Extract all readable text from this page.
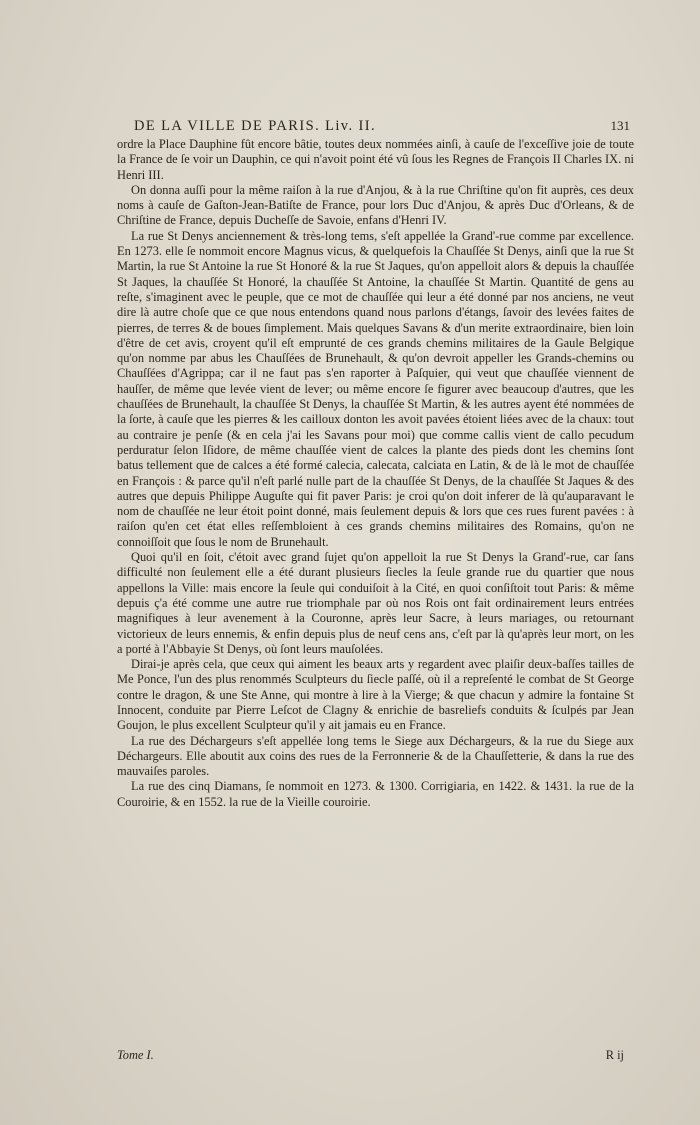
DE LA VILLE DE PARIS. Liv. II.	131

ordre la Place Dauphine fût encore bâtie, toutes deux nommées ainſi, à cauſe de l'exceſſive joie de toute la France de ſe voir un Dauphin, ce qui n'avoit point été vû ſous les Regnes de François II Charles IX. ni Henri III.

On donna auſſi pour la même raiſon à la rue d'Anjou, & à la rue Chriſtine qu'on fit auprès, ces deux noms à cauſe de Gaſton-Jean-Batiſte de France, pour lors Duc d'Anjou, & après Duc d'Orleans, & de Chriſtine de France, depuis Ducheſſe de Savoie, enfans d'Henri IV.

La rue St Denys anciennement & très-long tems, s'eſt appellée la Grand'-rue comme par excellence. En 1273. elle ſe nommoit encore Magnus vicus, & quelquefois la Chauſſée St Denys, ainſi que la rue St Martin, la rue St Antoine la rue St Honoré & la rue St Jaques, qu'on appelloit alors & depuis la chauſſée St Jaques, la chauſſée St Honoré, la chauſſée St Antoine, la chauſſée St Martin. Quantité de gens au reſte, s'imaginent avec le peuple, que ce mot de chauſſée qui leur a été donné par nos anciens, ne veut dire là autre choſe que ce que nous entendons quand nous parlons d'étangs, ſavoir des levées faites de pierres, de terres & de boues ſimplement. Mais quelques Savans & d'un merite extraordinaire, bien loin d'être de cet avis, croyent qu'il eſt emprunté de ces grands chemins militaires de la Gaule Belgique qu'on nomme par abus les Chauſſées de Brunehault, & qu'on devroit appeller les Grands-chemins ou Chauſſées d'Agrippa; car il ne faut pas s'en raporter à Paſquier, qui veut que chauſſée viennent de hauſſer, de même que levée vient de lever; ou même encore ſe figurer avec beaucoup d'autres, que les chauſſées de Brunehault, la chauſſée St Denys, la chauſſée St Martin, & les autres ayent été nommées de la ſorte, à cauſe que les pierres & les cailloux donton les avoit pavées étoient liées avec de la chaux: tout au contraire je penſe (& en cela j'ai les Savans pour moi) que comme callis vient de callo pecudum perduratur ſelon Iſidore, de même chauſſée vient de calces la plante des pieds dont les chemins ſont batus tellement que de calces a été formé calecia, calecata, calciata en Latin, & de là le mot de chauſſée en François : & parce qu'il n'eſt parlé nulle part de la chauſſée St Denys, de la chauſſée St Jaques & des autres que depuis Philippe Auguſte qui fit paver Paris: je croi qu'on doit inferer de là qu'auparavant le nom de chauſſée ne leur étoit point donné, mais ſeulement depuis & lors que ces rues furent pavées : à raiſon qu'en cet état elles reſſembloient à ces grands chemins militaires des Romains, qu'on ne connoiſſoit que ſous le nom de Brunehault.

Quoi qu'il en ſoit, c'étoit avec grand ſujet qu'on appelloit la rue St Denys la Grand'-rue, car ſans difficulté non ſeulement elle a été durant plusieurs ſiecles la ſeule grande rue du quartier que nous appellons la Ville: mais encore la ſeule qui conduiſoit à la Cité, en quoi conſiſtoit tout Paris: & même depuis ç'a été comme une autre rue triomphale par où nos Rois ont fait ordinairement leurs entrées magnifiques à leur avenement à la Couronne, après leur Sacre, à leurs mariages, ou retournant victorieux de leurs ennemis, & enfin depuis plus de neuf cens ans, c'eſt par là qu'après leur mort, on les a porté à l'Abbayie St Denys, où ſont leurs mauſolées.

Dirai-je après cela, que ceux qui aiment les beaux arts y regardent avec plaiſir deux-baſſes tailles de Me Ponce, l'un des plus renommés Sculpteurs du ſiecle paſſé, où il a repreſenté le combat de St George contre le dragon, & une Ste Anne, qui montre à lire à la Vierge; & que chacun y admire la fontaine St Innocent, conduite par Pierre Leſcot de Clagny & enrichie de basreliefs conduits & ſculpés par Jean Goujon, le plus excellent Sculpteur qu'il y ait jamais eu en France.

La rue des Déchargeurs s'eſt appellée long tems le Siege aux Déchargeurs, & la rue du Siege aux Déchargeurs. Elle aboutit aux coins des rues de la Ferronnerie & de la Chauſſetterie, & dans la rue des mauvaiſes paroles.

La rue des cinq Diamans, ſe nommoit en 1273. & 1300. Corrigiaria, en 1422. & 1431. la rue de la Couroirie, & en 1552. la rue de la Vieille couroirie.

Tome I.	R ij
